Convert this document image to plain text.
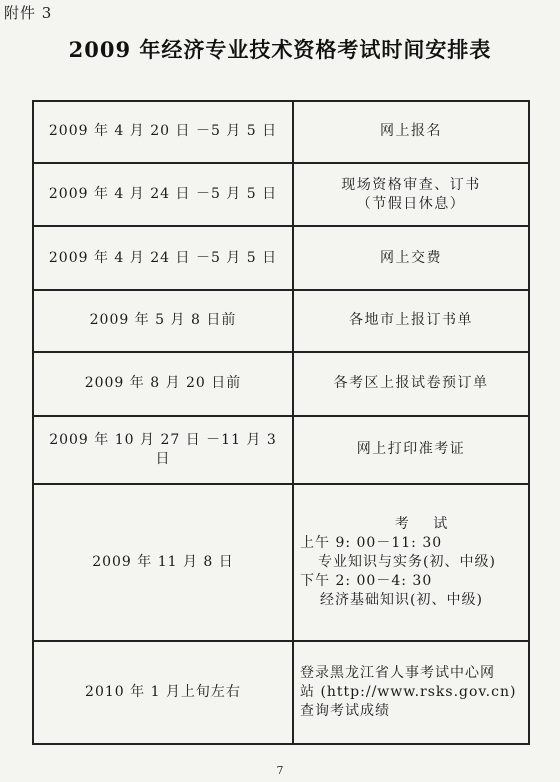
附件 3
2009 年经济专业技术资格考试时间安排表
2009 年 4 月 20 日 －5 月 5 日	网上报名

2009 年 4 月 24 日 －5 月 5 日	现场资格审查、订书
（节假日休息）

2009 年 4 月 24 日 －5 月 5 日	网上交费

2009 年 5 月 8 日前	各地市上报订书单

2009 年 8 月 20 日前	各考区上报试卷预订单

2009 年 10 月 27 日 －11 月 3 日	网上打印准考证

2009 年 11 月 8 日	考 试
上午 9: 00－11: 30
专业知识与实务(初、中级)
下午 2: 00－4: 30
经济基础知识(初、中级)

2010 年 1 月上旬左右	登录黑龙江省人事考试中心网
站 (http://www.rsks.gov.cn)
查询考试成绩
7
